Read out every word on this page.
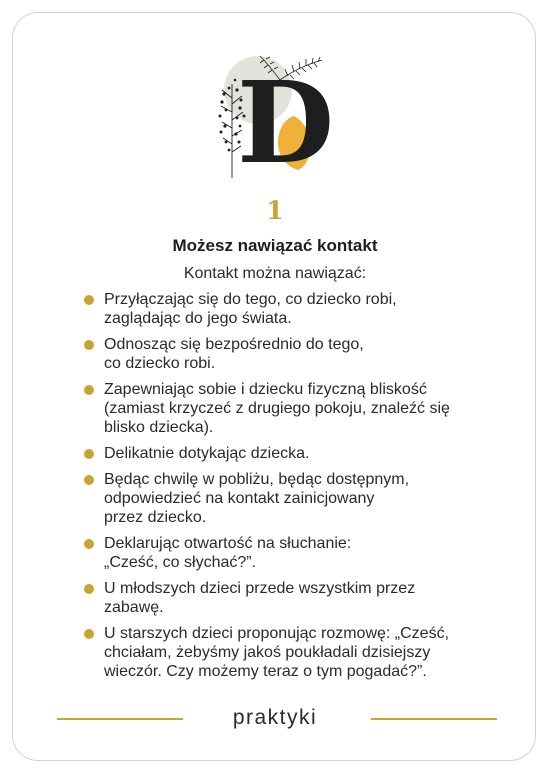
D
1
Możesz nawiązać kontakt
Kontakt można nawiązać:
Przyłączając się do tego, co dziecko robi,
zaglądając do jego świata.
Odnosząc się bezpośrednio do tego,
co dziecko robi.
Zapewniając sobie i dziecku fizyczną bliskość
(zamiast krzyczeć z drugiego pokoju, znaleźć się
blisko dziecka).
Delikatnie dotykając dziecka.
Będąc chwilę w pobliżu, będąc dostępnym,
odpowiedzieć na kontakt zainicjowany
przez dziecko.
Deklarując otwartość na słuchanie:
„Cześć, co słychać?”.
U młodszych dzieci przede wszystkim przez
zabawę.
U starszych dzieci proponując rozmowę: „Cześć,
chciałam, żebyśmy jakoś poukładali dzisiejszy
wieczór. Czy możemy teraz o tym pogadać?”.
praktyki
